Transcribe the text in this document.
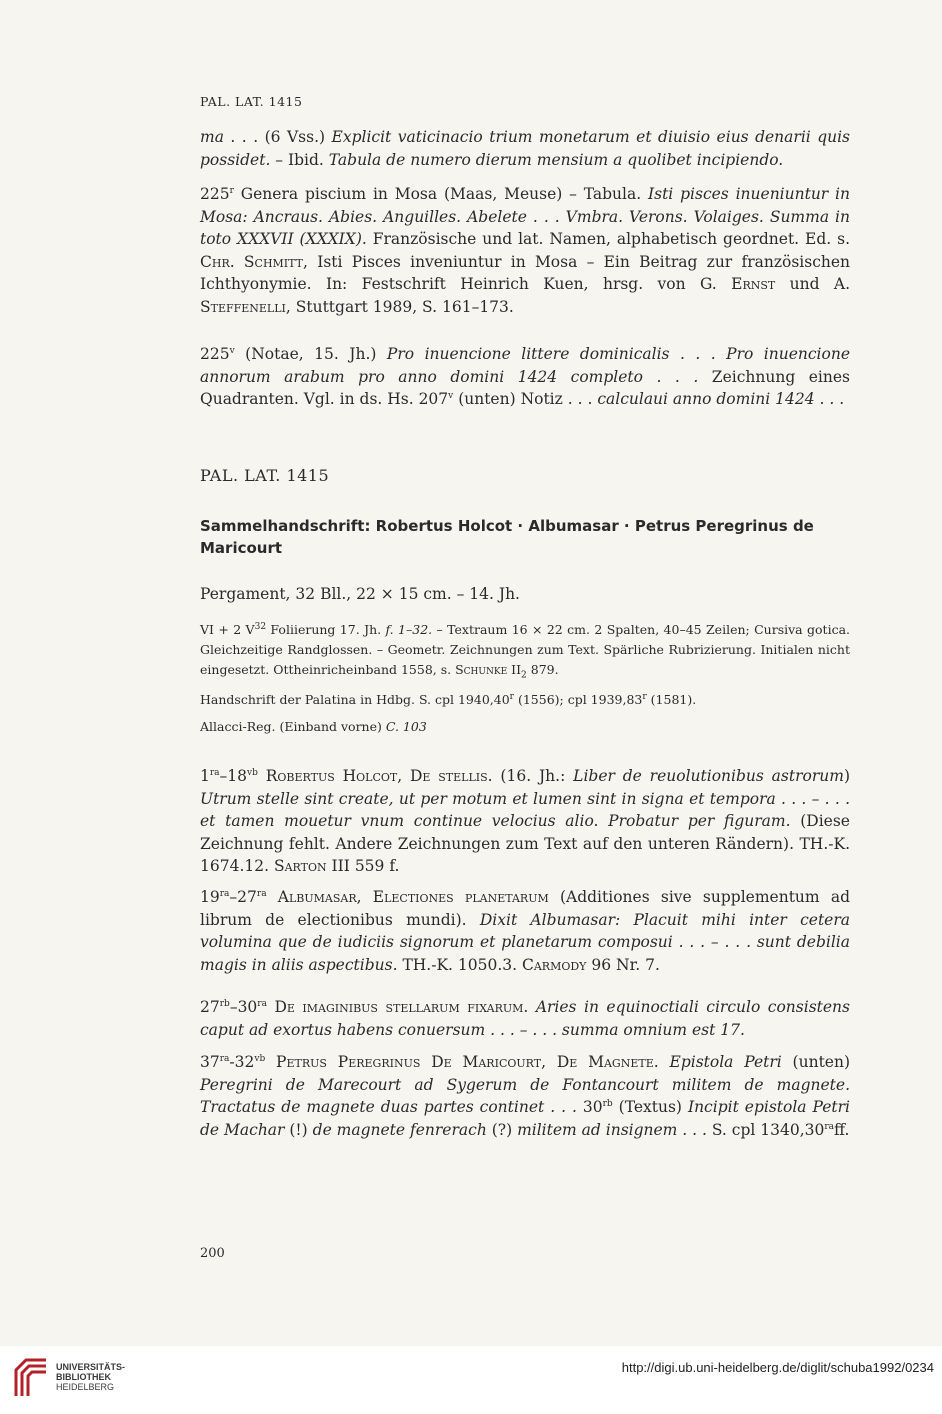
PAL. LAT. 1415
ma . . . (6 Vss.) Explicit vaticinacio trium monetarum et diuisio eius denarii quis possidet. – Ibid. Tabula de numero dierum mensium a quolibet incipiendo.
225$^r$ Genera piscium in Mosa (Maas, Meuse) – Tabula. Isti pisces inueniuntur in Mosa: Ancraus. Abies. Anguilles. Abelete . . . Vmbra. Verons. Volaiges. Summa in toto XXXVII (XXXIX). Französische und lat. Namen, alphabetisch geordnet. Ed. s. Chr. Schmitt, Isti Pisces inveniuntur in Mosa – Ein Beitrag zur französischen Ichthyonymie. In: Festschrift Heinrich Kuen, hrsg. von G. Ernst und A. Steffenelli, Stuttgart 1989, S. 161–173.
225$^v$ (Notae, 15. Jh.) Pro inuencione littere dominicalis . . . Pro inuencione annorum arabum pro anno domini 1424 completo . . . Zeichnung eines Quadranten. Vgl. in ds. Hs. 207$^v$ (unten) Notiz . . . calculaui anno domini 1424 . . .
PAL. LAT. 1415
Sammelhandschrift: Robertus Holcot · Albumasar · Petrus Peregrinus de Maricourt
Pergament, 32 Bll., 22 × 15 cm. – 14. Jh.
VI + 2 $V^{32}$ Foliierung 17. Jh. f. 1–32. – Textraum 16 × 22 cm. 2 Spalten, 40–45 Zeilen; Cursiva gotica. Gleichzeitige Randglossen. – Geometr. Zeichnungen zum Text. Spärliche Rubrizierung. Initialen nicht eingesetzt. Ottheinricheinband 1558, s. Schunke $II_2$ 879.
Handschrift der Palatina in Hdbg. S. cpl 1940,40$^r$ (1556); cpl 1939,83$^r$ (1581).
Allacci-Reg. (Einband vorne) C. 103
$1^{ra}-18^{vb}$ Robertus Holcot, De stellis. (16. Jh.: Liber de reuolutionibus astrorum) Utrum stelle sint create, ut per motum et lumen sint in signa et tempora . . . – . . . et tamen mouetur vnum continue velocius alio. Probatur per figuram. (Diese Zeichnung fehlt. Andere Zeichnungen zum Text auf den unteren Rändern). TH.-K. 1674.12. Sarton III 559 f.
$19^{ra}-27^{ra}$ Albumasar, Electiones planetarum (Additiones sive supplementum ad librum de electionibus mundi). Dixit Albumasar: Placuit mihi inter cetera volumina que de iudiciis signorum et planetarum composui . . . – . . . sunt debilia magis in aliis aspectibus. TH.-K. 1050.3. Carmody 96 Nr. 7.
$27^{rb}-30^{ra}$ De imaginibus stellarum fixarum. Aries in equinoctiali circulo consistens caput ad exortus habens conuersum . . . – . . . summa omnium est 17.
$37^{ra}-32^{vb}$ Petrus Peregrinus De Maricourt, De Magnete. Epistola Petri (unten) Peregrini de Marecourt ad Sygerum de Fontancourt militem de magnete. Tractatus de magnete duas partes continet . . . $30^{rb}$ (Textus) Incipit epistola Petri de Machar (!) de magnete fenrerach (?) militem ad insignem . . . S. cpl $1340,30^{ra}ff$.
200
UNIVERSITÄTS-
BIBLIOTHEK
HEIDELBERG
http://digi.ub.uni-heidelberg.de/diglit/schuba1992/0234
